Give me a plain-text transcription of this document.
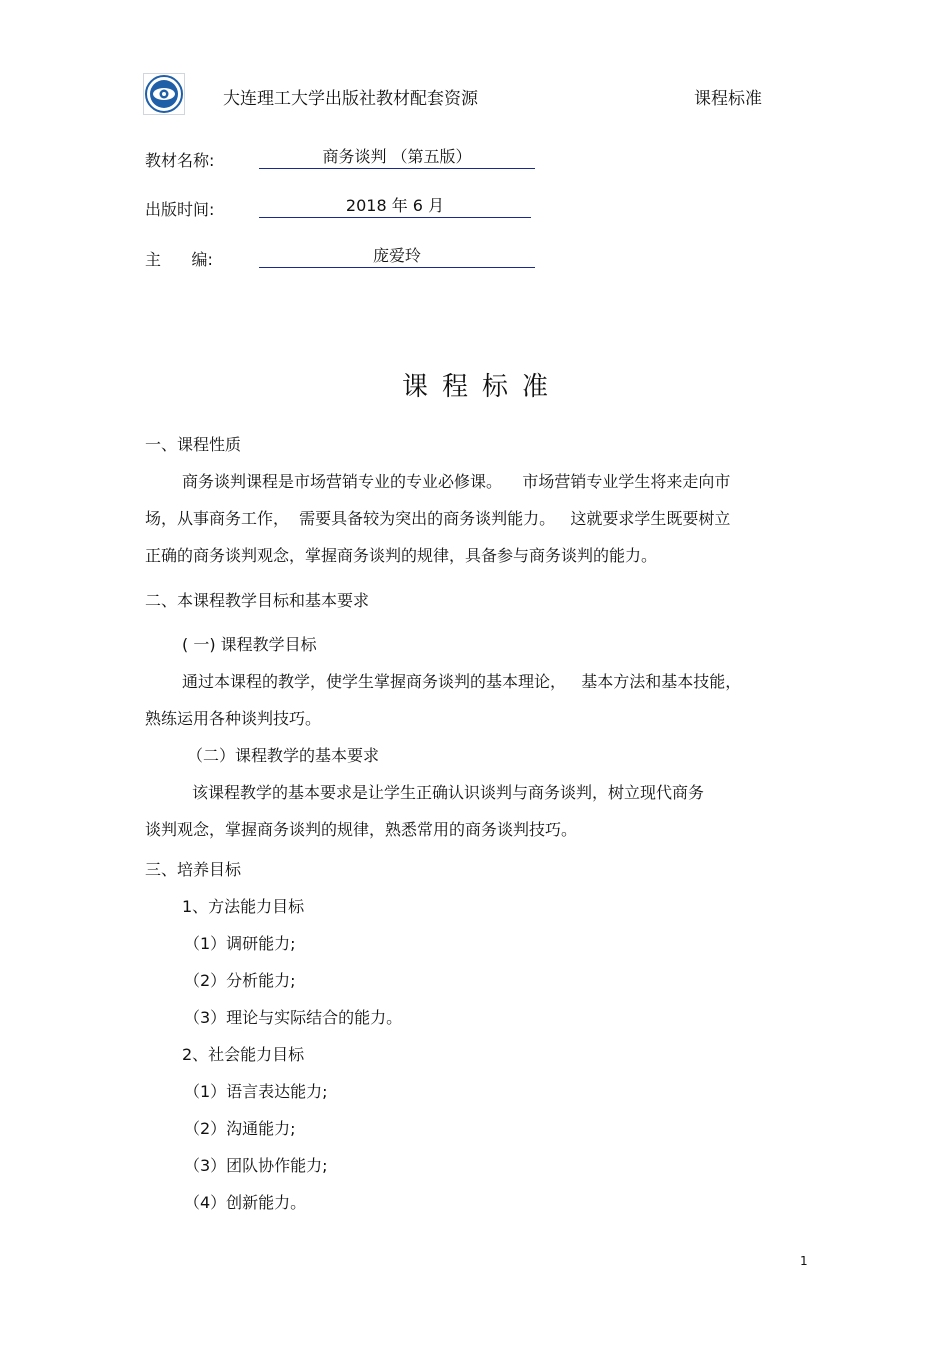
大连理工大学出版社教材配套资源	课程标准
教材名称:	商务谈判 （第五版）
出版时间:	2018 年 6 月
主      编:	庞爱玲
课程标准
一、课程性质
商务谈判课程是市场营销专业的专业必修课。    市场营销专业学生将来走向市
场，从事商务工作，  需要具备较为突出的商务谈判能力。   这就要求学生既要树立
正确的商务谈判观念，掌握商务谈判的规律，具备参与商务谈判的能力。
二、本课程教学目标和基本要求
( 一) 课程教学目标
通过本课程的教学，使学生掌握商务谈判的基本理论，   基本方法和基本技能，
熟练运用各种谈判技巧。
（二）课程教学的基本要求
该课程教学的基本要求是让学生正确认识谈判与商务谈判，树立现代商务
谈判观念，掌握商务谈判的规律，熟悉常用的商务谈判技巧。
三、培养目标
1、方法能力目标
（1）调研能力;
（2）分析能力;
（3）理论与实际结合的能力。
2、社会能力目标
（1）语言表达能力;
（2）沟通能力;
（3）团队协作能力;
（4）创新能力。
1
